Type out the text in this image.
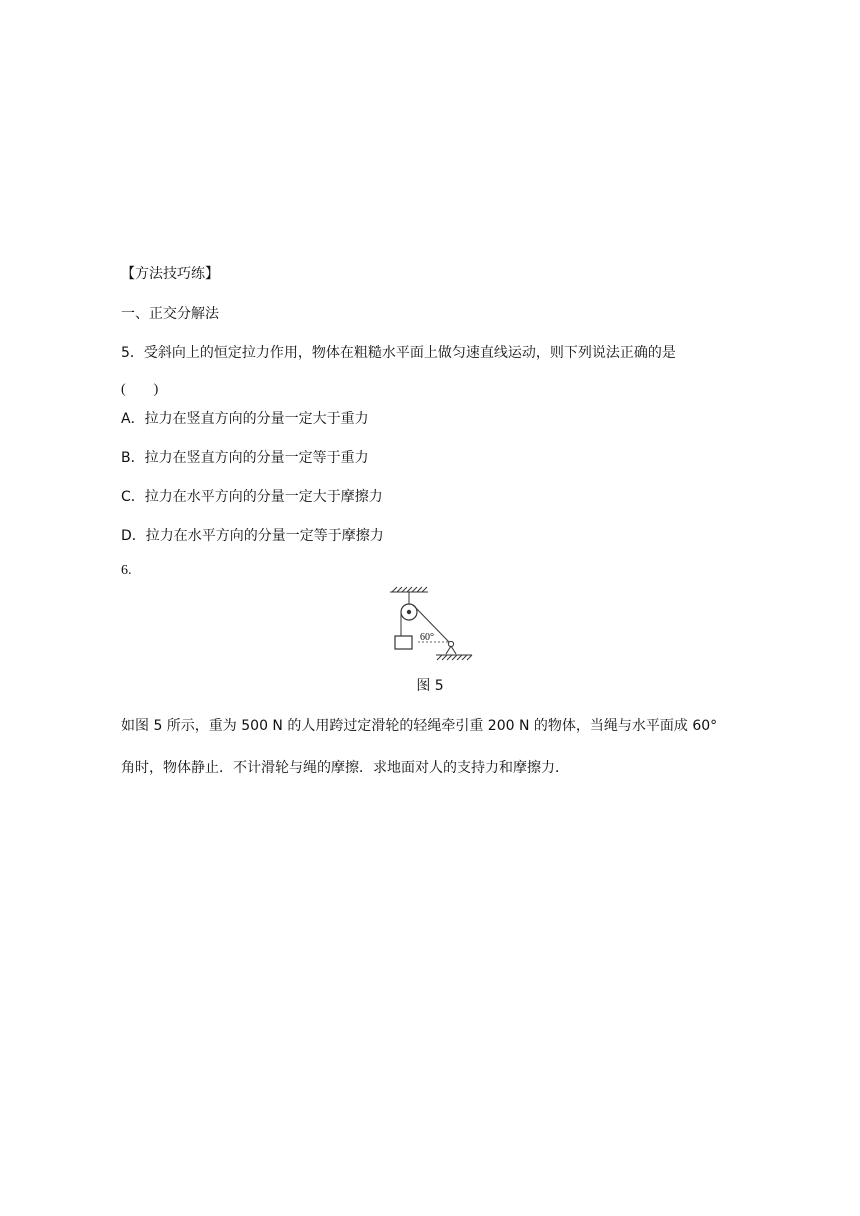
【方法技巧练】
一、正交分解法
5．受斜向上的恒定拉力作用，物体在粗糙水平面上做匀速直线运动，则下列说法正确的是
(　　)
A．拉力在竖直方向的分量一定大于重力
B．拉力在竖直方向的分量一定等于重力
C．拉力在水平方向的分量一定大于摩擦力
D．拉力在水平方向的分量一定等于摩擦力
6.
60°
图 5
如图 5 所示，重为 500 N 的人用跨过定滑轮的轻绳牵引重 200 N 的物体，当绳与水平面成 60°
角时，物体静止．不计滑轮与绳的摩擦．求地面对人的支持力和摩擦力．
